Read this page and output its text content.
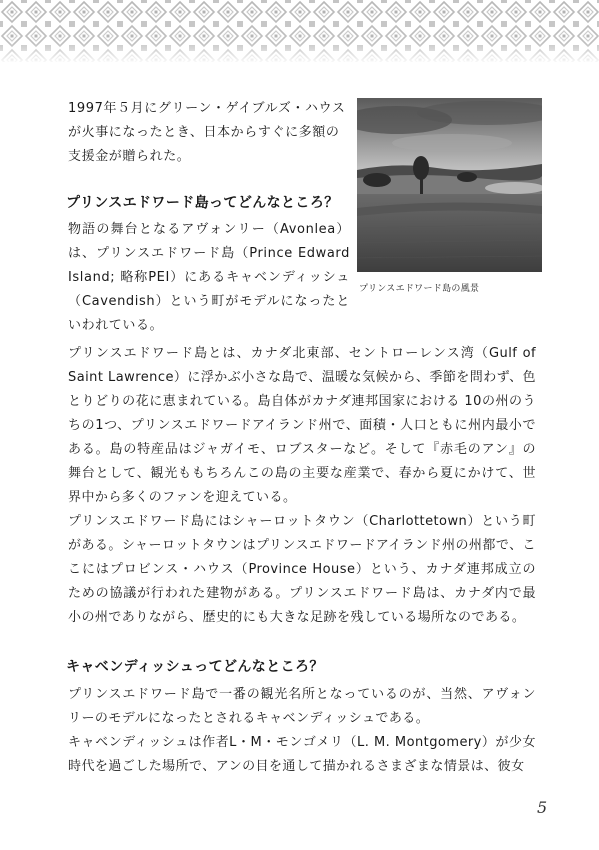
1997年５月にグリーン・ゲイブルズ・ハウスが火事になったとき、日本からすぐに多額の支援金が贈られた。

プリンスエドワード島の風景
プリンスエドワード島ってどんなところ？

物語の舞台となるアヴォンリー（Avonlea）は、プリンスエドワード島（Prince Edward Island; 略称PEI）にあるキャベンディッシュ（Cavendish）という町がモデルになったといわれている。

プリンスエドワード島とは、カナダ北東部、セントローレンス湾（Gulf of Saint Lawrence）に浮かぶ小さな島で、温暖な気候から、季節を問わず、色とりどりの花に恵まれている。島自体がカナダ連邦国家における 10の州のうちの1つ、プリンスエドワードアイランド州で、面積・人口ともに州内最小である。島の特産品はジャガイモ、ロブスターなど。そして『赤毛のアン』の舞台として、観光ももちろんこの島の主要な産業で、春から夏にかけて、世界中から多くのファンを迎えている。

プリンスエドワード島にはシャーロットタウン（Charlottetown）という町がある。シャーロットタウンはプリンスエドワードアイランド州の州都で、ここにはプロビンス・ハウス（Province House）という、カナダ連邦成立のための協議が行われた建物がある。プリンスエドワード島は、カナダ内で最小の州でありながら、歴史的にも大きな足跡を残している場所なのである。

キャベンディッシュってどんなところ？

プリンスエドワード島で一番の観光名所となっているのが、当然、アヴォンリーのモデルになったとされるキャベンディッシュである。

キャベンディッシュは作者L・M・モンゴメリ（L. M. Montgomery）が少女時代を過ごした場所で、アンの目を通して描かれるさまざまな情景は、彼女

5
